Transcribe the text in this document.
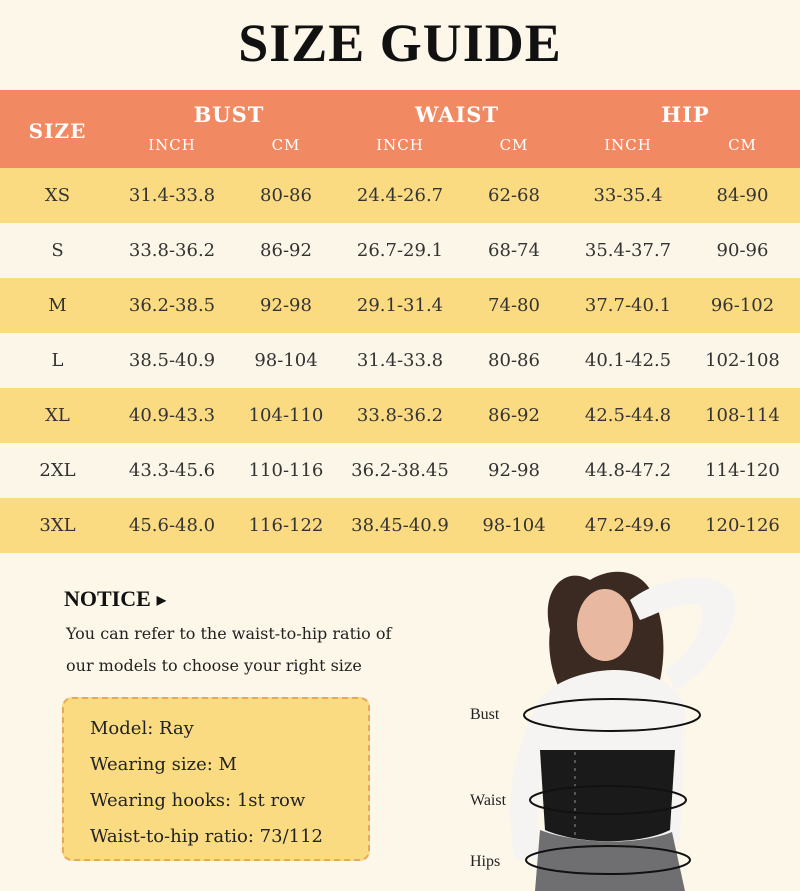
SIZE GUIDE
SIZE
BUST	WAIST	HIP
INCH	CM	INCH	CM	INCH	CM
XS	31.4-33.8	80-86	24.4-26.7	62-68	33-35.4	84-90
S	33.8-36.2	86-92	26.7-29.1	68-74	35.4-37.7	90-96
M	36.2-38.5	92-98	29.1-31.4	74-80	37.7-40.1	96-102
L	38.5-40.9	98-104	31.4-33.8	80-86	40.1-42.5	102-108
XL	40.9-43.3	104-110	33.8-36.2	86-92	42.5-44.8	108-114
2XL	43.3-45.6	110-116	36.2-38.45	92-98	44.8-47.2	114-120
3XL	45.6-48.0	116-122	38.45-40.9	98-104	47.2-49.6	120-126
NOTICE ▶
You can refer to the waist-to-hip ratio of our models to choose your right size
Model: Ray
Wearing size: M
Wearing hooks: 1st row
Waist-to-hip ratio: 73/112
Bust
Waist
Hips
